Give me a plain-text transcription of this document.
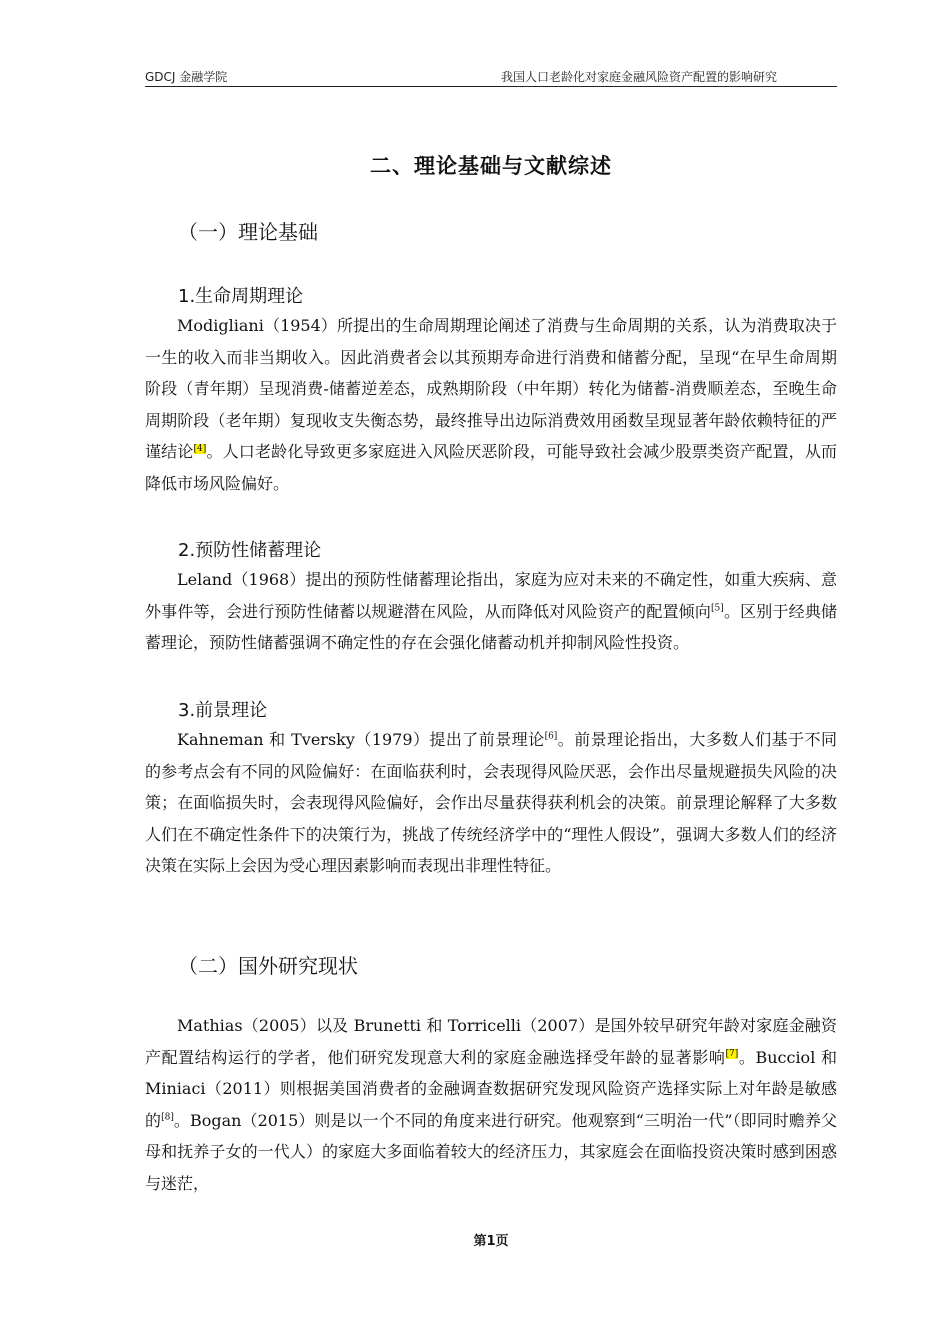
GDCJ 金融学院	我国人口老龄化对家庭金融风险资产配置的影响研究
二、理论基础与文献综述
（一）理论基础
1.生命周期理论

Modigliani（1954）所提出的生命周期理论阐述了消费与生命周期的关系，认为消费取决于一生的收入而非当期收入。因此消费者会以其预期寿命进行消费和储蓄分配，呈现“在早生命周期阶段（青年期）呈现消费-储蓄逆差态，成熟期阶段（中年期）转化为储蓄-消费顺差态，至晚生命周期阶段（老年期）复现收支失衡态势，最终推导出边际消费效用函数呈现显著年龄依赖特征的严谨结论[4]。人口老龄化导致更多家庭进入风险厌恶阶段，可能导致社会减少股票类资产配置，从而降低市场风险偏好。

2.预防性储蓄理论

Leland（1968）提出的预防性储蓄理论指出，家庭为应对未来的不确定性，如重大疾病、意外事件等，会进行预防性储蓄以规避潜在风险，从而降低对风险资产的配置倾向[5]。区别于经典储蓄理论，预防性储蓄强调不确定性的存在会强化储蓄动机并抑制风险性投资。

3.前景理论

Kahneman 和 Tversky（1979）提出了前景理论[6]。前景理论指出，大多数人们基于不同的参考点会有不同的风险偏好：在面临获利时，会表现得风险厌恶，会作出尽量规避损失风险的决策；在面临损失时，会表现得风险偏好，会作出尽量获得获利机会的决策。前景理论解释了大多数人们在不确定性条件下的决策行为，挑战了传统经济学中的“理性人假设”，强调大多数人们的经济决策在实际上会因为受心理因素影响而表现出非理性特征。

（二）国外研究现状

Mathias（2005）以及 Brunetti 和 Torricelli（2007）是国外较早研究年龄对家庭金融资产配置结构运行的学者，他们研究发现意大利的家庭金融选择受年龄的显著影响[7]。Bucciol 和 Miniaci（2011）则根据美国消费者的金融调查数据研究发现风险资产选择实际上对年龄是敏感的[8]。Bogan（2015）则是以一个不同的角度来进行研究。他观察到“三明治一代”（即同时赡养父母和抚养子女的一代人）的家庭大多面临着较大的经济压力，其家庭会在面临投资决策时感到困惑与迷茫，

第1页
